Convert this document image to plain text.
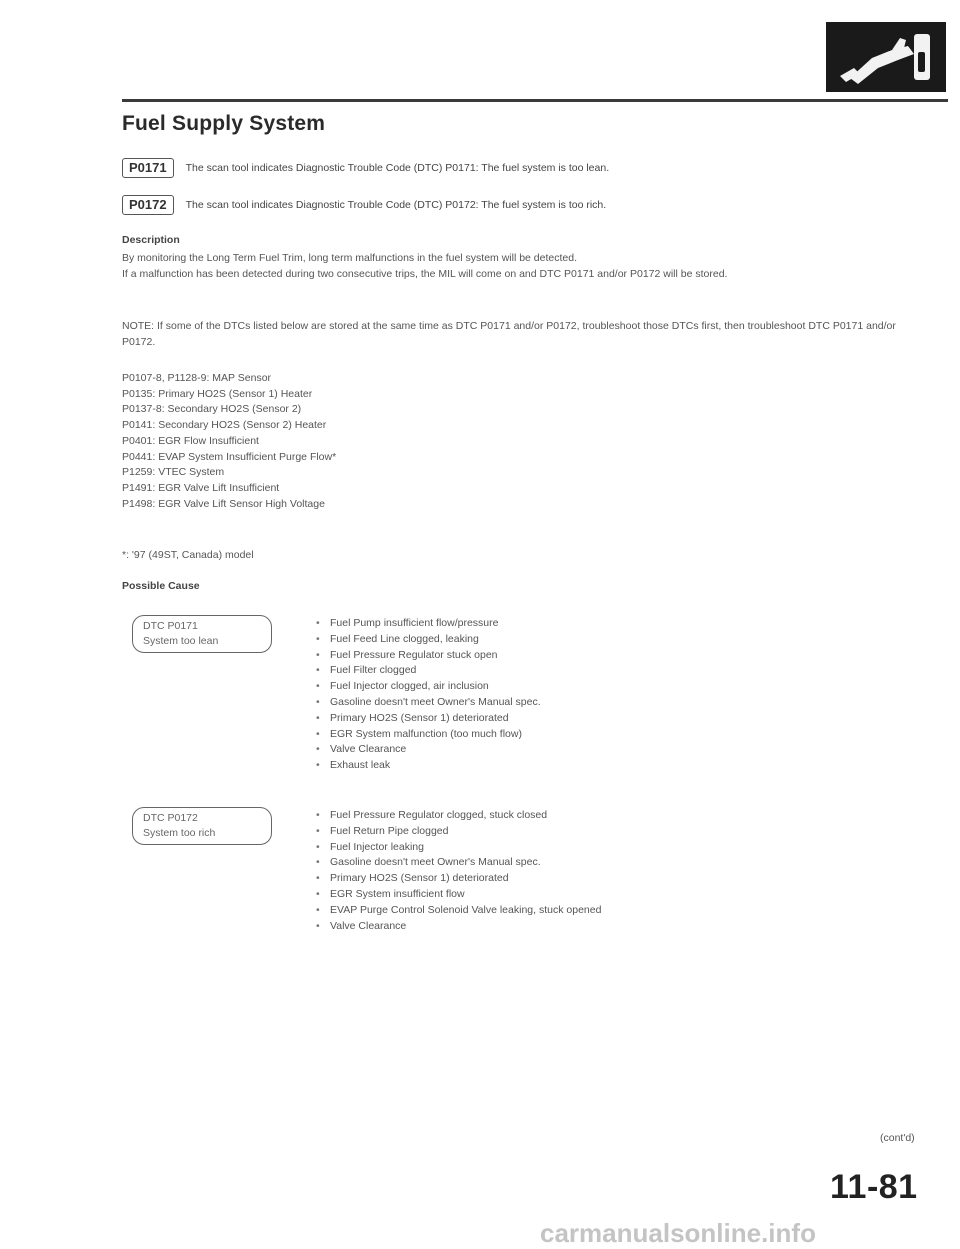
Fuel Supply System
P0171	The scan tool indicates Diagnostic Trouble Code (DTC) P0171: The fuel system is too lean.
P0172	The scan tool indicates Diagnostic Trouble Code (DTC) P0172: The fuel system is too rich.
Description
By monitoring the Long Term Fuel Trim, long term malfunctions in the fuel system will be detected.
If a malfunction has been detected during two consecutive trips, the MIL will come on and DTC P0171 and/or P0172 will be stored.
NOTE: If some of the DTCs listed below are stored at the same time as DTC P0171 and/or P0172, troubleshoot those DTCs first, then troubleshoot DTC P0171 and/or P0172.
P0107-8, P1128-9: MAP Sensor
P0135: Primary HO2S (Sensor 1) Heater
P0137-8: Secondary HO2S (Sensor 2)
P0141: Secondary HO2S (Sensor 2) Heater
P0401: EGR Flow Insufficient
P0441: EVAP System Insufficient Purge Flow*
P1259: VTEC System
P1491: EGR Valve Lift Insufficient
P1498: EGR Valve Lift Sensor High Voltage
*: '97 (49ST, Canada) model
Possible Cause
DTC P0171
System too lean
• Fuel Pump insufficient flow/pressure
• Fuel Feed Line clogged, leaking
• Fuel Pressure Regulator stuck open
• Fuel Filter clogged
• Fuel Injector clogged, air inclusion
• Gasoline doesn't meet Owner's Manual spec.
• Primary HO2S (Sensor 1) deteriorated
• EGR System malfunction (too much flow)
• Valve Clearance
• Exhaust leak
DTC P0172
System too rich
• Fuel Pressure Regulator clogged, stuck closed
• Fuel Return Pipe clogged
• Fuel Injector leaking
• Gasoline doesn't meet Owner's Manual spec.
• Primary HO2S (Sensor 1) deteriorated
• EGR System insufficient flow
• EVAP Purge Control Solenoid Valve leaking, stuck opened
• Valve Clearance
(cont'd)
11-81
carmanualsonline.info
